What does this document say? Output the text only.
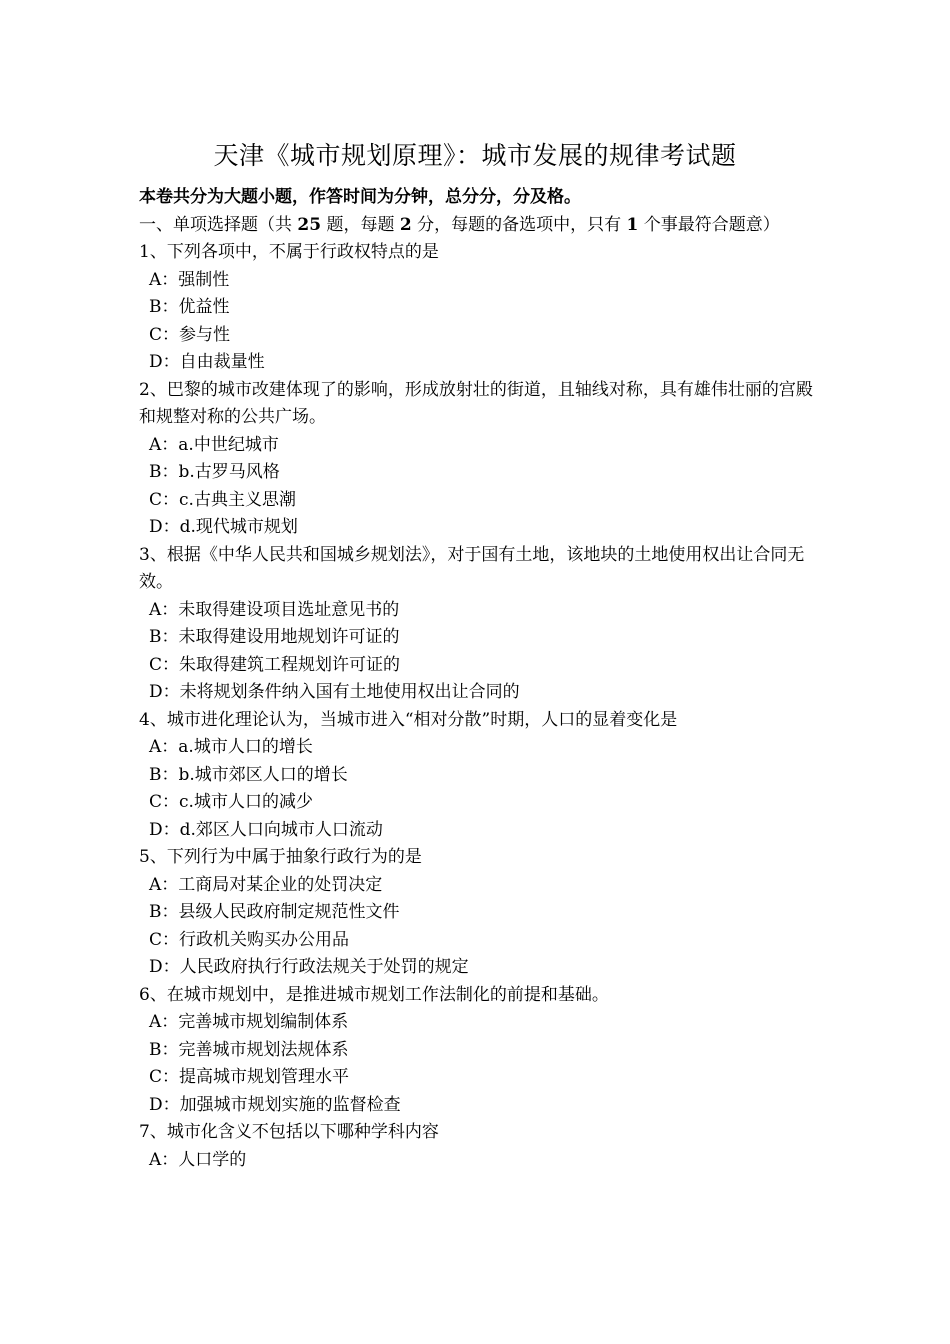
天津《城市规划原理》：城市发展的规律考试题
本卷共分为大题小题，作答时间为分钟，总分分，分及格。
一、单项选择题（共 25 题，每题 2 分，每题的备选项中，只有 1 个事最符合题意）
1、下列各项中，不属于行政权特点的是
A：强制性
B：优益性
C：参与性
D：自由裁量性
2、巴黎的城市改建体现了的影响，形成放射壮的街道，且轴线对称，具有雄伟壮丽的宫殿和规整对称的公共广场。
A：a.中世纪城市
B：b.古罗马风格
C：c.古典主义思潮
D：d.现代城市规划
3、根据《中华人民共和国城乡规划法》，对于国有土地，该地块的土地使用权出让合同无效。
A：未取得建设项目选址意见书的
B：未取得建设用地规划许可证的
C：朱取得建筑工程规划许可证的
D：未将规划条件纳入国有土地使用权出让合同的
4、城市进化理论认为，当城市进入“相对分散”时期，人口的显着变化是
A：a.城市人口的增长
B：b.城市郊区人口的增长
C：c.城市人口的减少
D：d.郊区人口向城市人口流动
5、下列行为中属于抽象行政行为的是
A：工商局对某企业的处罚决定
B：县级人民政府制定规范性文件
C：行政机关购买办公用品
D：人民政府执行行政法规关于处罚的规定
6、在城市规划中，是推进城市规划工作法制化的前提和基础。
A：完善城市规划编制体系
B：完善城市规划法规体系
C：提高城市规划管理水平
D：加强城市规划实施的监督检查
7、城市化含义不包括以下哪种学科内容
A：人口学的
